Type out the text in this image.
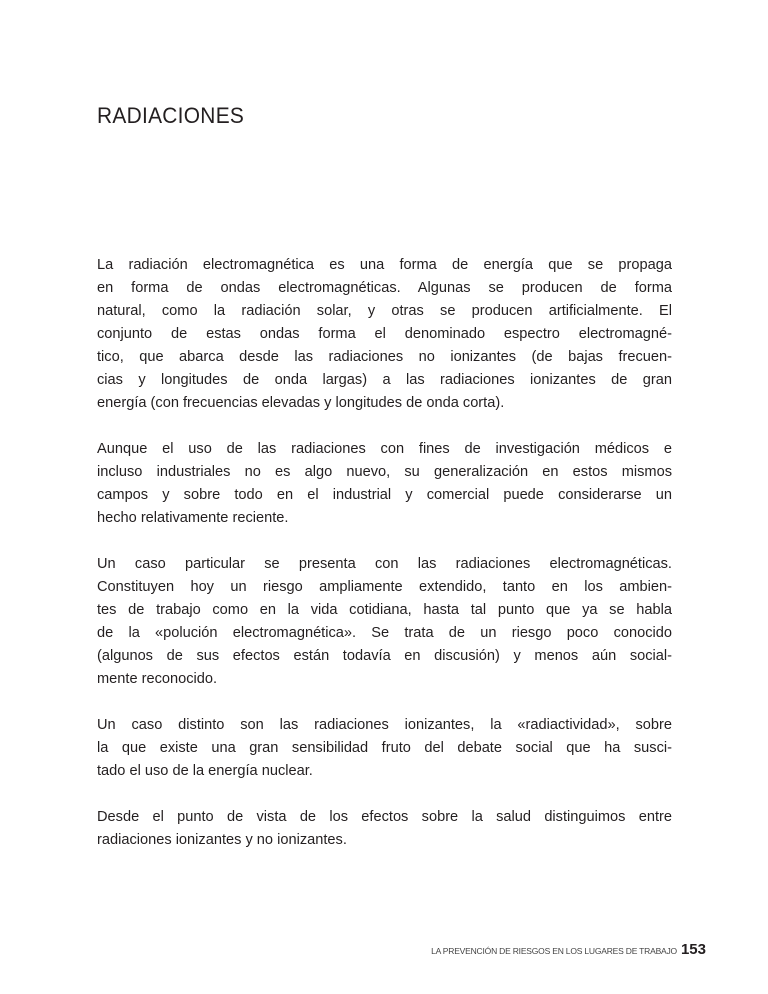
RADIACIONES

La radiación electromagnética es una forma de energía que se propaga
en forma de ondas electromagnéticas. Algunas se producen de forma
natural, como la radiación solar, y otras se producen artificialmente. El
conjunto de estas ondas forma el denominado espectro electromagné-
tico, que abarca desde las radiaciones no ionizantes (de bajas frecuen-
cias y longitudes de onda largas) a las radiaciones ionizantes de gran
energía (con frecuencias elevadas y longitudes de onda corta).

Aunque el uso de las radiaciones con fines de investigación médicos e
incluso industriales no es algo nuevo, su generalización en estos mismos
campos y sobre todo en el industrial y comercial puede considerarse un
hecho relativamente reciente.

Un caso particular se presenta con las radiaciones electromagnéticas.
Constituyen hoy un riesgo ampliamente extendido, tanto en los ambien-
tes de trabajo como en la vida cotidiana, hasta tal punto que ya se habla
de la «polución electromagnética». Se trata de un riesgo poco conocido
(algunos de sus efectos están todavía en discusión) y menos aún social-
mente reconocido.

Un caso distinto son las radiaciones ionizantes, la «radiactividad», sobre
la que existe una gran sensibilidad fruto del debate social que ha susci-
tado el uso de la energía nuclear.

Desde el punto de vista de los efectos sobre la salud distinguimos entre
radiaciones ionizantes y no ionizantes.

LA PREVENCIÓN DE RIESGOS EN LOS LUGARES DE TRABAJO 153
